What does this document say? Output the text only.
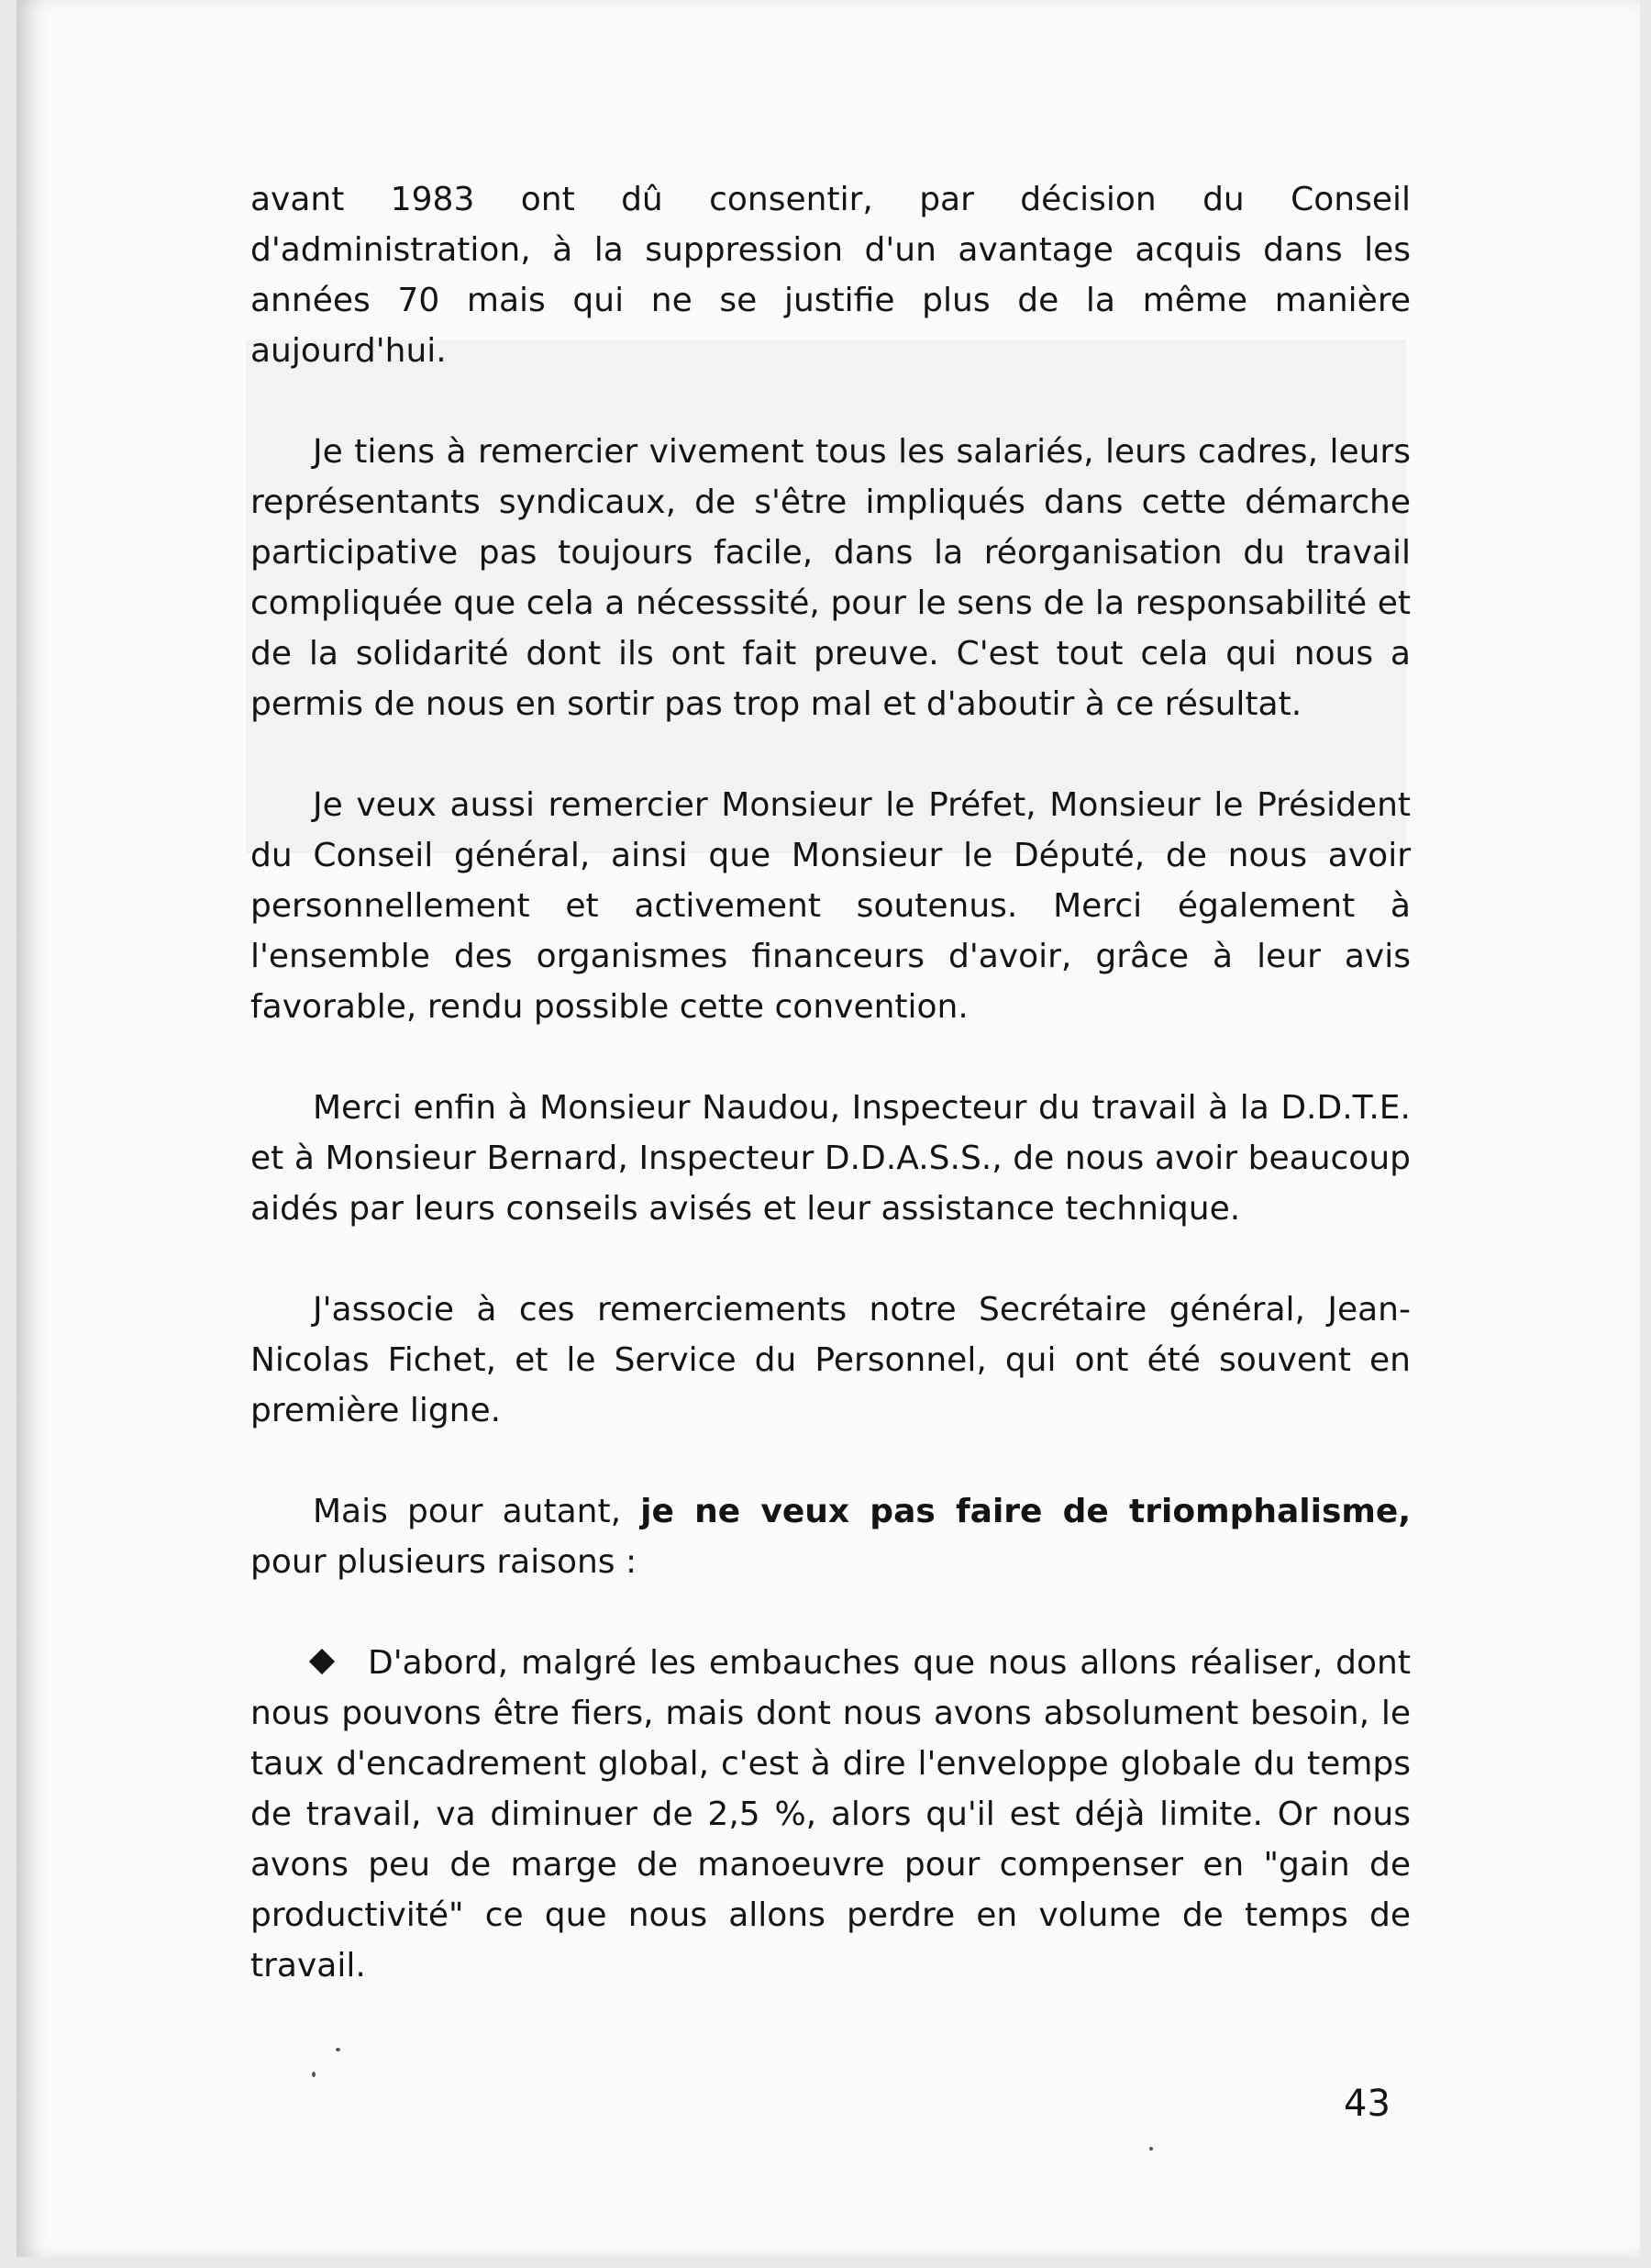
avant 1983 ont dû consentir, par décision du Conseil d'administration, à la suppression d'un avantage acquis dans les années 70 mais qui ne se justifie plus de la même manière aujourd'hui.

Je tiens à remercier vivement tous les salariés, leurs cadres, leurs représentants syndicaux, de s'être impliqués dans cette démarche participative pas toujours facile, dans la réorganisation du travail compliquée que cela a nécesssité, pour le sens de la responsabilité et de la solidarité dont ils ont fait preuve. C'est tout cela qui nous a permis de nous en sortir pas trop mal et d'aboutir à ce résultat.

Je veux aussi remercier Monsieur le Préfet, Monsieur le Président du Conseil général, ainsi que Monsieur le Député, de nous avoir personnellement et activement soutenus. Merci également à l'ensemble des organismes financeurs d'avoir, grâce à leur avis favorable, rendu possible cette convention.

Merci enfin à Monsieur Naudou, Inspecteur du travail à la D.D.T.E. et à Monsieur Bernard, Inspecteur D.D.A.S.S., de nous avoir beaucoup aidés par leurs conseils avisés et leur assistance technique.

J'associe à ces remerciements notre Secrétaire général, Jean-Nicolas Fichet, et le Service du Personnel, qui ont été souvent en première ligne.

Mais pour autant, je ne veux pas faire de triomphalisme, pour plusieurs raisons :

D'abord, malgré les embauches que nous allons réaliser, dont nous pouvons être fiers, mais dont nous avons absolument besoin, le taux d'encadrement global, c'est à dire l'enveloppe globale du temps de travail, va diminuer de 2,5 %, alors qu'il est déjà limite. Or nous avons peu de marge de manoeuvre pour compenser en "gain de productivité" ce que nous allons perdre en volume de temps de travail.

43
